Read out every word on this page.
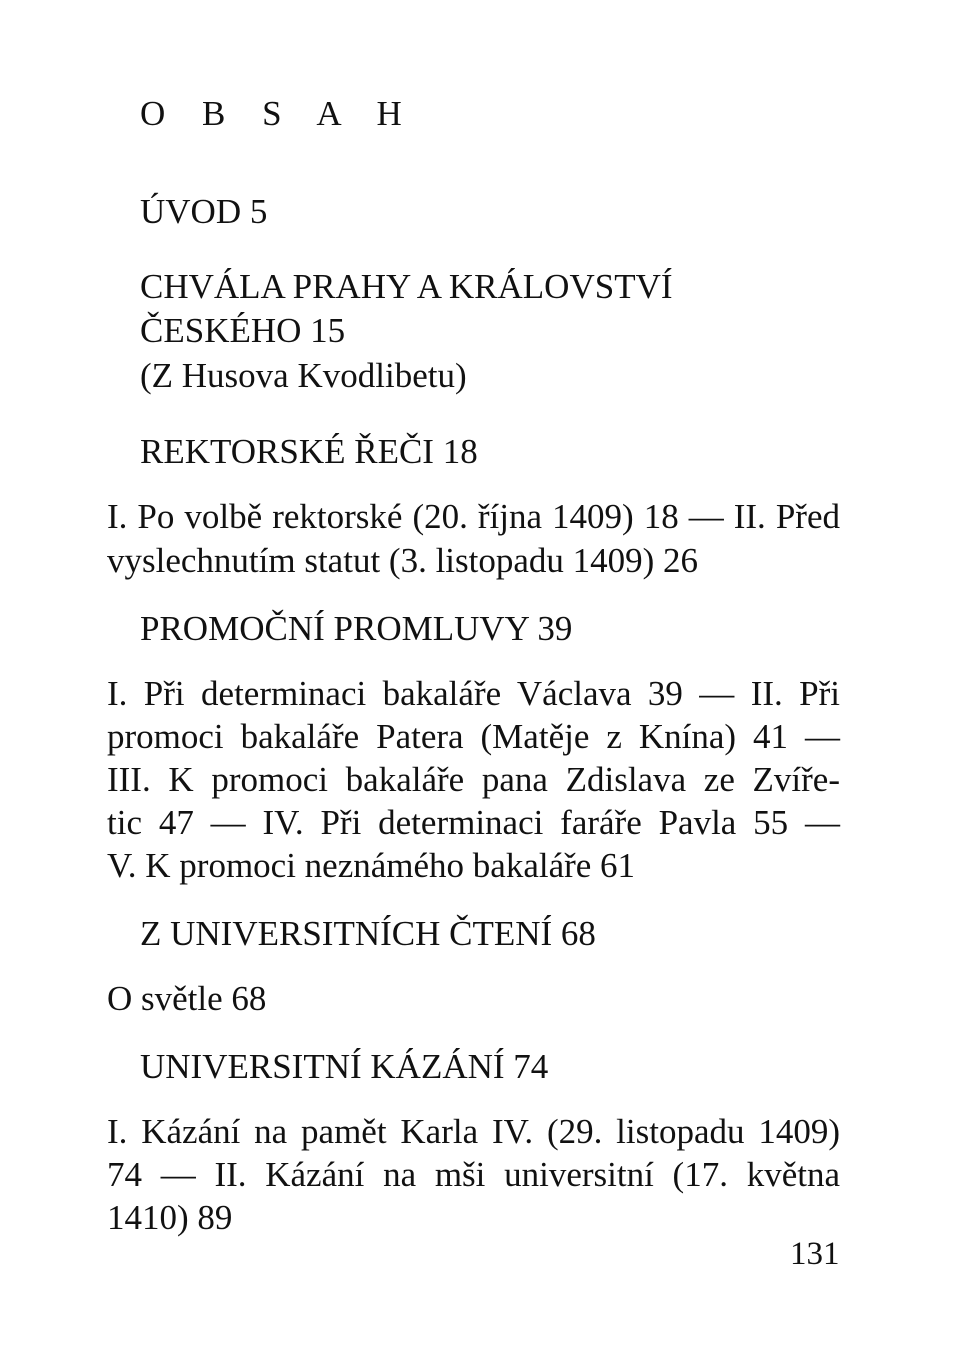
O B S A H
ÚVOD 5
CHVÁLA PRAHY A KRÁLOVSTVÍ
ČESKÉHO 15
(Z Husova Kvodlibetu)
REKTORSKÉ ŘEČI 18
I. Po volbě rektorské (20. října 1409) 18 — II. Před
vyslechnutím statut (3. listopadu 1409) 26
PROMOČNÍ PROMLUVY 39
I. Při determinaci bakaláře Václava 39 — II. Při
promoci bakaláře Patera (Matěje z Knína) 41 —
III. K promoci bakaláře pana Zdislava ze Zvíře-
tic 47 — IV. Při determinaci faráře Pavla 55 —
V. K promoci neznámého bakaláře 61
Z UNIVERSITNÍCH ČTENÍ 68
O světle 68
UNIVERSITNÍ KÁZÁNÍ 74
I. Kázání na pamět Karla IV. (29. listopadu 1409)
74 — II. Kázání na mši universitní (17. května
1410) 89
131
